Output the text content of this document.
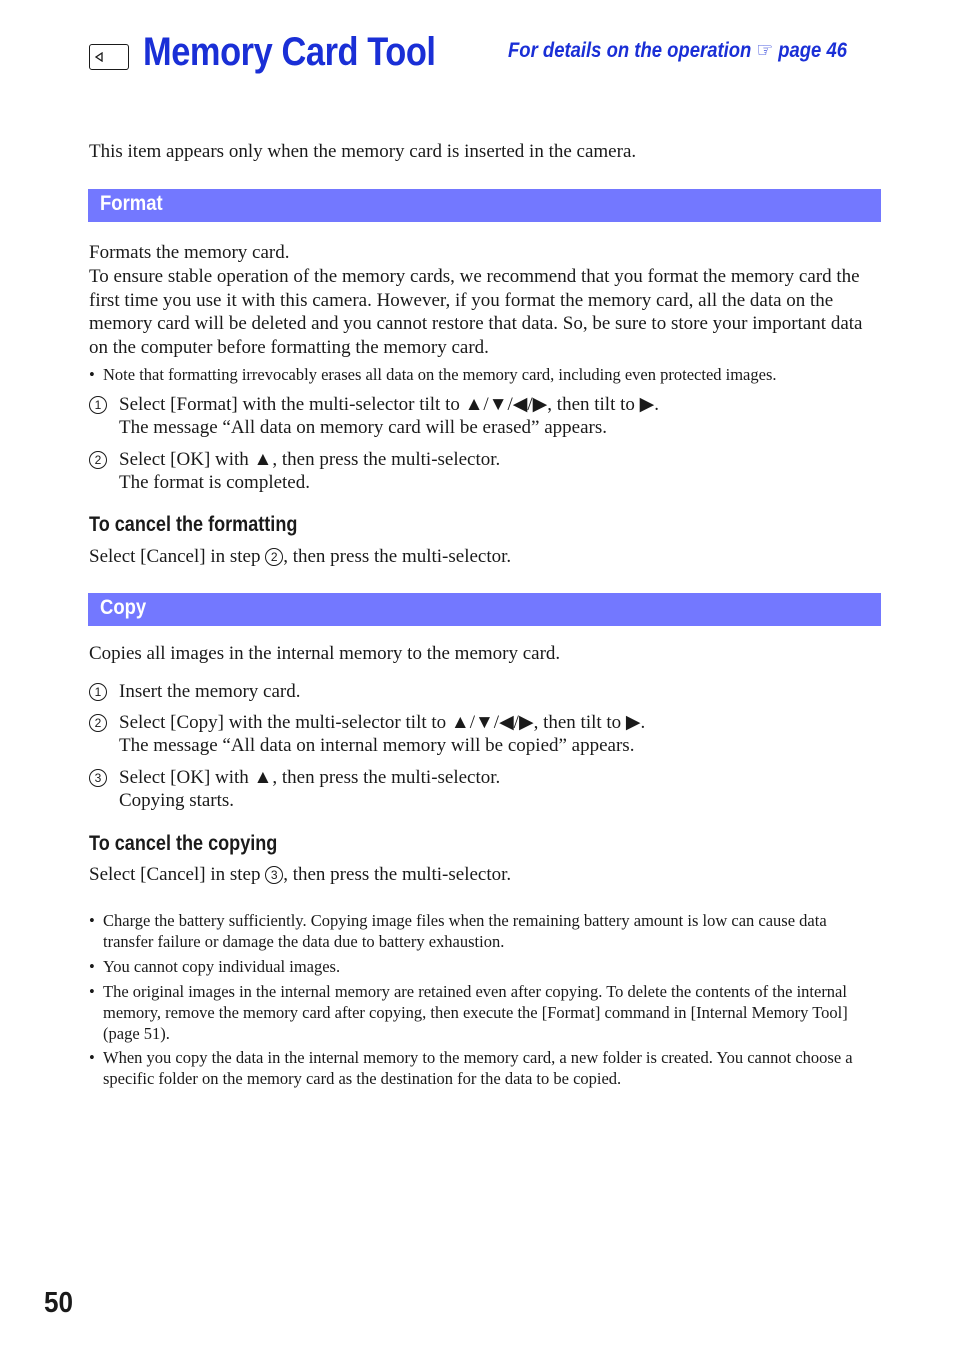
Memory Card Tool	For details on the operation ☞ page 46
This item appears only when the memory card is inserted in the camera.
Format
Formats the memory card.
To ensure stable operation of the memory cards, we recommend that you format the memory card the first time you use it with this camera. However, if you format the memory card, all the data on the memory card will be deleted and you cannot restore that data. So, be sure to store your important data on the computer before formatting the memory card.
• Note that formatting irrevocably erases all data on the memory card, including even protected images.
1 Select [Format] with the multi-selector tilt to ▲/▼/◀/▶, then tilt to ▶.
The message “All data on memory card will be erased” appears.
2 Select [OK] with ▲, then press the multi-selector.
The format is completed.
To cancel the formatting
Select [Cancel] in step 2 , then press the multi-selector.
Copy
Copies all images in the internal memory to the memory card.
1 Insert the memory card.
2 Select [Copy] with the multi-selector tilt to ▲/▼/◀/▶, then tilt to ▶.
The message “All data on internal memory will be copied” appears.
3 Select [OK] with ▲, then press the multi-selector.
Copying starts.
To cancel the copying
Select [Cancel] in step 3 , then press the multi-selector.
• Charge the battery sufficiently. Copying image files when the remaining battery amount is low can cause data transfer failure or damage the data due to battery exhaustion.
• You cannot copy individual images.
• The original images in the internal memory are retained even after copying. To delete the contents of the internal memory, remove the memory card after copying, then execute the [Format] command in [Internal Memory Tool] (page 51).
• When you copy the data in the internal memory to the memory card, a new folder is created. You cannot choose a specific folder on the memory card as the destination for the data to be copied.
50
